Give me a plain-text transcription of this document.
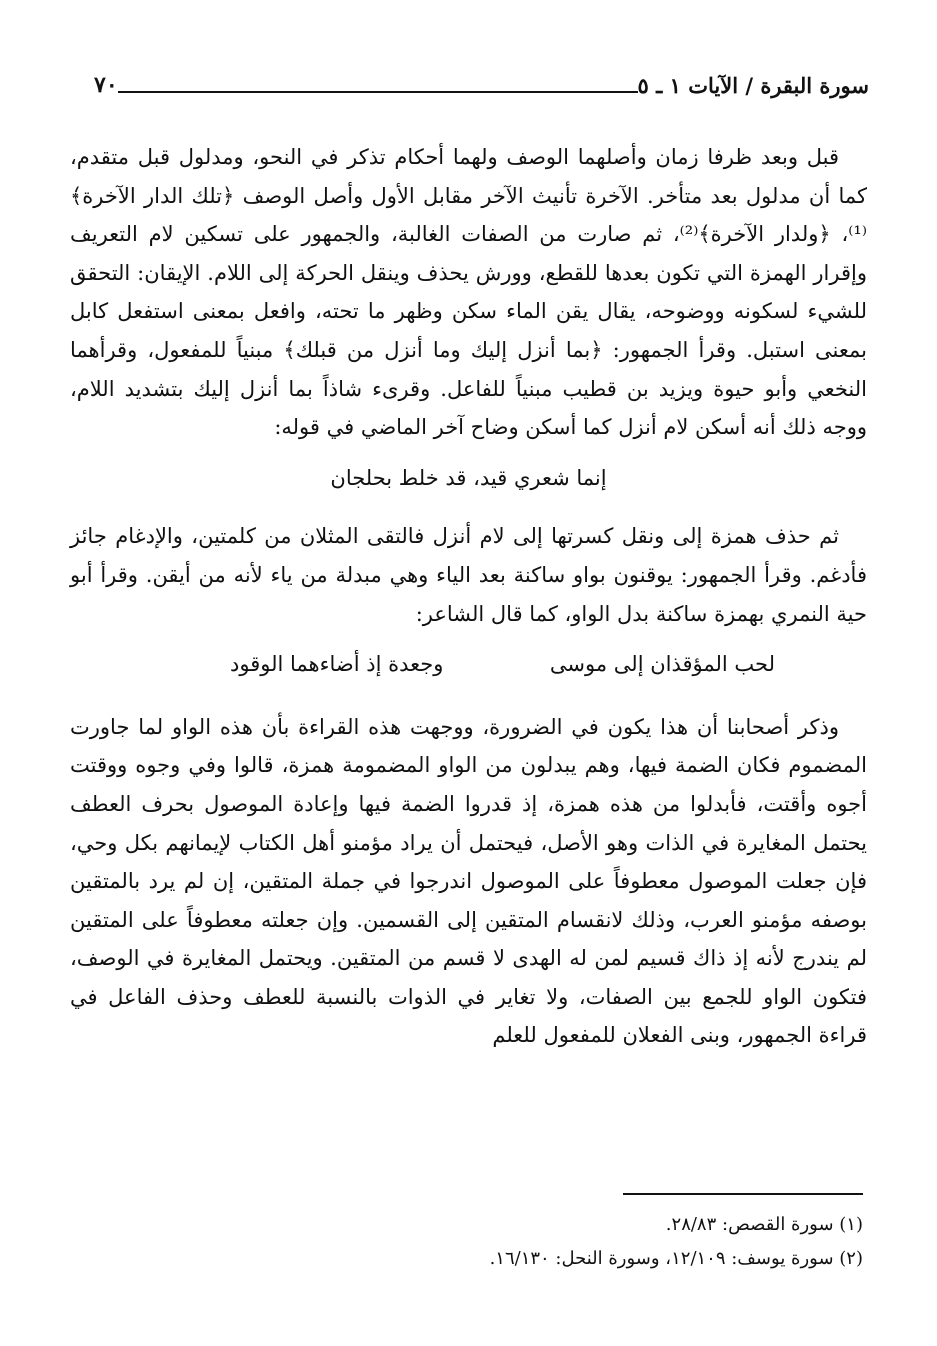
سورة البقرة / الآيات ١ ـ ٥
٧٠

قبل وبعد ظرفا زمان وأصلهما الوصف ولهما أحكام تذكر في النحو، ومدلول قبل متقدم، كما أن مدلول بعد متأخر. الآخرة تأنيث الآخر مقابل الأول وأصل الوصف ﴿تلك الدار الآخرة﴾⁽¹⁾، ﴿ولدار الآخرة﴾⁽²⁾، ثم صارت من الصفات الغالبة، والجمهور على تسكين لام التعريف وإقرار الهمزة التي تكون بعدها للقطع، وورش يحذف وينقل الحركة إلى اللام. الإيقان: التحقق للشيء لسكونه ووضوحه، يقال يقن الماء سكن وظهر ما تحته، وافعل بمعنى استفعل كابل بمعنى استبل. وقرأ الجمهور: ﴿بما أنزل إليك وما أنزل من قبلك﴾ مبنياً للمفعول، وقرأهما النخعي وأبو حيوة ويزيد بن قطيب مبنياً للفاعل. وقرىء شاذاً بما أنزل إليك بتشديد اللام، ووجه ذلك أنه أسكن لام أنزل كما أسكن وضاح آخر الماضي في قوله:

إنما شعري قيد، قد خلط بحلجان

ثم حذف همزة إلى ونقل كسرتها إلى لام أنزل فالتقى المثلان من كلمتين، والإدغام جائز فأدغم. وقرأ الجمهور: يوقنون بواو ساكنة بعد الياء وهي مبدلة من ياء لأنه من أيقن. وقرأ أبو حية النمري بهمزة ساكنة بدل الواو، كما قال الشاعر:

لحب المؤقذان إلى موسى
وجعدة إذ أضاءهما الوقود

وذكر أصحابنا أن هذا يكون في الضرورة، ووجهت هذه القراءة بأن هذه الواو لما جاورت المضموم فكان الضمة فيها، وهم يبدلون من الواو المضمومة همزة، قالوا وفي وجوه ووقتت أجوه وأقتت، فأبدلوا من هذه همزة، إذ قدروا الضمة فيها وإعادة الموصول بحرف العطف يحتمل المغايرة في الذات وهو الأصل، فيحتمل أن يراد مؤمنو أهل الكتاب لإيمانهم بكل وحي، فإن جعلت الموصول معطوفاً على الموصول اندرجوا في جملة المتقين، إن لم يرد بالمتقين بوصفه مؤمنو العرب، وذلك لانقسام المتقين إلى القسمين. وإن جعلته معطوفاً على المتقين لم يندرج لأنه إذ ذاك قسيم لمن له الهدى لا قسم من المتقين. ويحتمل المغايرة في الوصف، فتكون الواو للجمع بين الصفات، ولا تغاير في الذوات بالنسبة للعطف وحذف الفاعل في قراءة الجمهور، وبنى الفعلان للمفعول للعلم

(١) سورة القصص: ٢٨/٨٣.

(٢) سورة يوسف: ١٢/١٠٩، وسورة النحل: ١٦/١٣٠.
